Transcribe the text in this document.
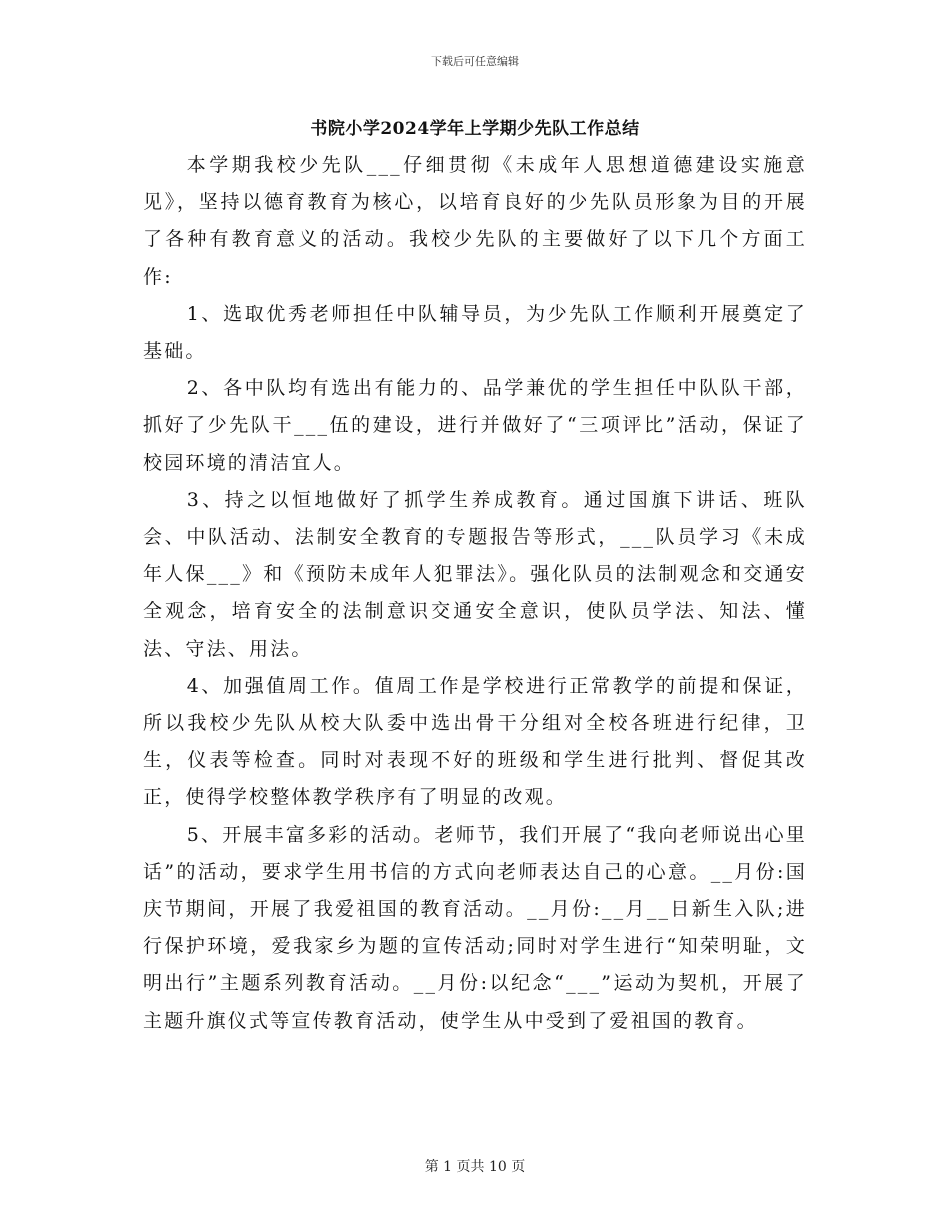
下载后可任意编辑
书院小学2024学年上学期少先队工作总结

本学期我校少先队___仔细贯彻《未成年人思想道德建设实施意见》，坚持以德育教育为核心，以培育良好的少先队员形象为目的开展了各种有教育意义的活动。我校少先队的主要做好了以下几个方面工作:

1、选取优秀老师担任中队辅导员，为少先队工作顺利开展奠定了基础。

2、各中队均有选出有能力的、品学兼优的学生担任中队队干部，抓好了少先队干___伍的建设，进行并做好了“三项评比”活动，保证了校园环境的清洁宜人。

3、持之以恒地做好了抓学生养成教育。通过国旗下讲话、班队会、中队活动、法制安全教育的专题报告等形式，___队员学习《未成年人保___》和《预防未成年人犯罪法》。强化队员的法制观念和交通安全观念，培育安全的法制意识交通安全意识，使队员学法、知法、懂法、守法、用法。

4、加强值周工作。值周工作是学校进行正常教学的前提和保证，所以我校少先队从校大队委中选出骨干分组对全校各班进行纪律，卫生，仪表等检查。同时对表现不好的班级和学生进行批判、督促其改正，使得学校整体教学秩序有了明显的改观。

5、开展丰富多彩的活动。老师节，我们开展了“我向老师说出心里话”的活动，要求学生用书信的方式向老师表达自己的心意。__月份:国庆节期间，开展了我爱祖国的教育活动。__月份:__月__日新生入队;进行保护环境，爱我家乡为题的宣传活动;同时对学生进行“知荣明耻，文明出行”主题系列教育活动。__月份:以纪念“___”运动为契机，开展了主题升旗仪式等宣传教育活动，使学生从中受到了爱祖国的教育。

第 1 页共 10 页
